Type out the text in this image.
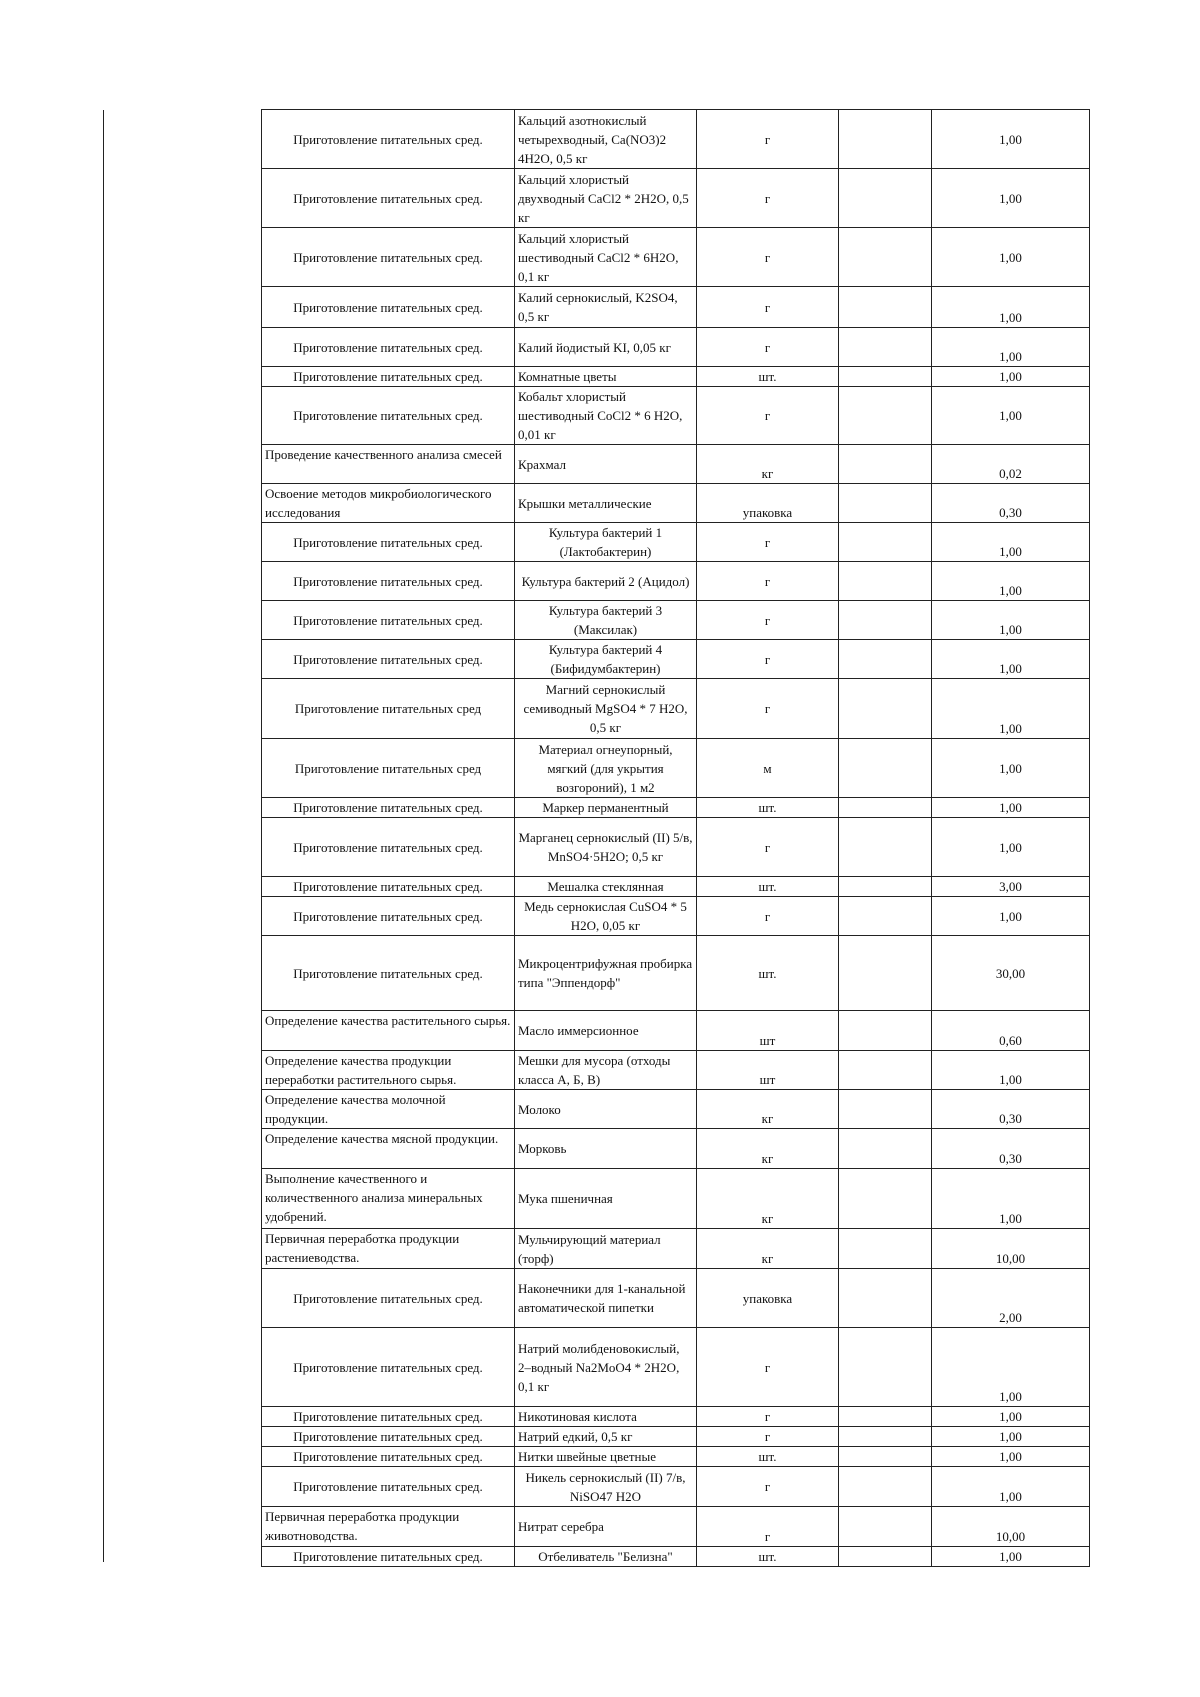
Приготовление питательных сред.	Кальций азотнокислый четырехводный, Ca(NO3)2 4H2O, 0,5 кг	г		1,00
Приготовление питательных сред.	Кальций хлористый двухводный CaCl2 * 2H2O, 0,5 кг	г		1,00
Приготовление питательных сред.	Кальций хлористый шестиводный CaCl2 * 6H2O, 0,1 кг	г		1,00
Приготовление питательных сред.	Калий сернокислый, K2SO4, 0,5 кг	г		1,00
Приготовление питательных сред.	Калий йодистый KI, 0,05 кг	г		1,00
Приготовление питательных сред.	Комнатные цветы	шт.		1,00
Приготовление питательных сред.	Кобальт хлористый шестиводный CoCl2 * 6 H2O, 0,01 кг	г		1,00
Проведение качественного анализа смесей	Крахмал	кг		0,02
Освоение методов микробиологического исследования	Крышки металлические	упаковка		0,30
Приготовление питательных сред.	Культура бактерий 1 (Лактобактерин)	г		1,00
Приготовление питательных сред.	Культура бактерий 2 (Ацидол)	г		1,00
Приготовление питательных сред.	Культура бактерий 3 (Максилак)	г		1,00
Приготовление питательных сред.	Культура бактерий 4 (Бифидумбактерин)	г		1,00
Приготовление питательных сред	Магний сернокислый семиводный MgSO4 * 7 H2O, 0,5 кг	г		1,00
Приготовление питательных сред	Материал огнеупорный, мягкий (для укрытия возгороний), 1 м2	м		1,00
Приготовление питательных сред.	Маркер перманентный	шт.		1,00
Приготовление питательных сред.	Марганец сернокислый (II) 5/в, MnSO4·5H2O; 0,5 кг	г		1,00
Приготовление питательных сред.	Мешалка стеклянная	шт.		3,00
Приготовление питательных сред.	Медь сернокислая CuSO4 * 5 H2O, 0,05 кг	г		1,00
Приготовление питательных сред.	Микроцентрифужная пробирка типа "Эппендорф"	шт.		30,00
Определение качества растительного сырья.	Масло иммерсионное	шт		0,60
Определение качества продукции переработки растительного сырья.	Мешки для мусора (отходы класса А, Б, В)	шт		1,00
Определение качества молочной продукции.	Молоко	кг		0,30
Определение качества мясной продукции.	Морковь	кг		0,30
Выполнение качественного и количественного анализа минеральных удобрений.	Мука пшеничная	кг		1,00
Первичная переработка продукции растениеводства.	Мульчирующий материал (торф)	кг		10,00
Приготовление питательных сред.	Наконечники для 1-канальной автоматической пипетки	упаковка		2,00
Приготовление питательных сред.	Натрий молибденовокислый, 2–водный Na2MoO4 * 2H2O, 0,1 кг	г		1,00
Приготовление питательных сред.	Никотиновая кислота	г		1,00
Приготовление питательных сред.	Натрий едкий, 0,5 кг	г		1,00
Приготовление питательных сред.	Нитки швейные цветные	шт.		1,00
Приготовление питательных сред.	Никель сернокислый (II) 7/в, NiSO47 H2O	г		1,00
Первичная переработка продукции животноводства.	Нитрат серебра	г		10,00
Приготовление питательных сред.	Отбеливатель "Белизна"	шт.		1,00
